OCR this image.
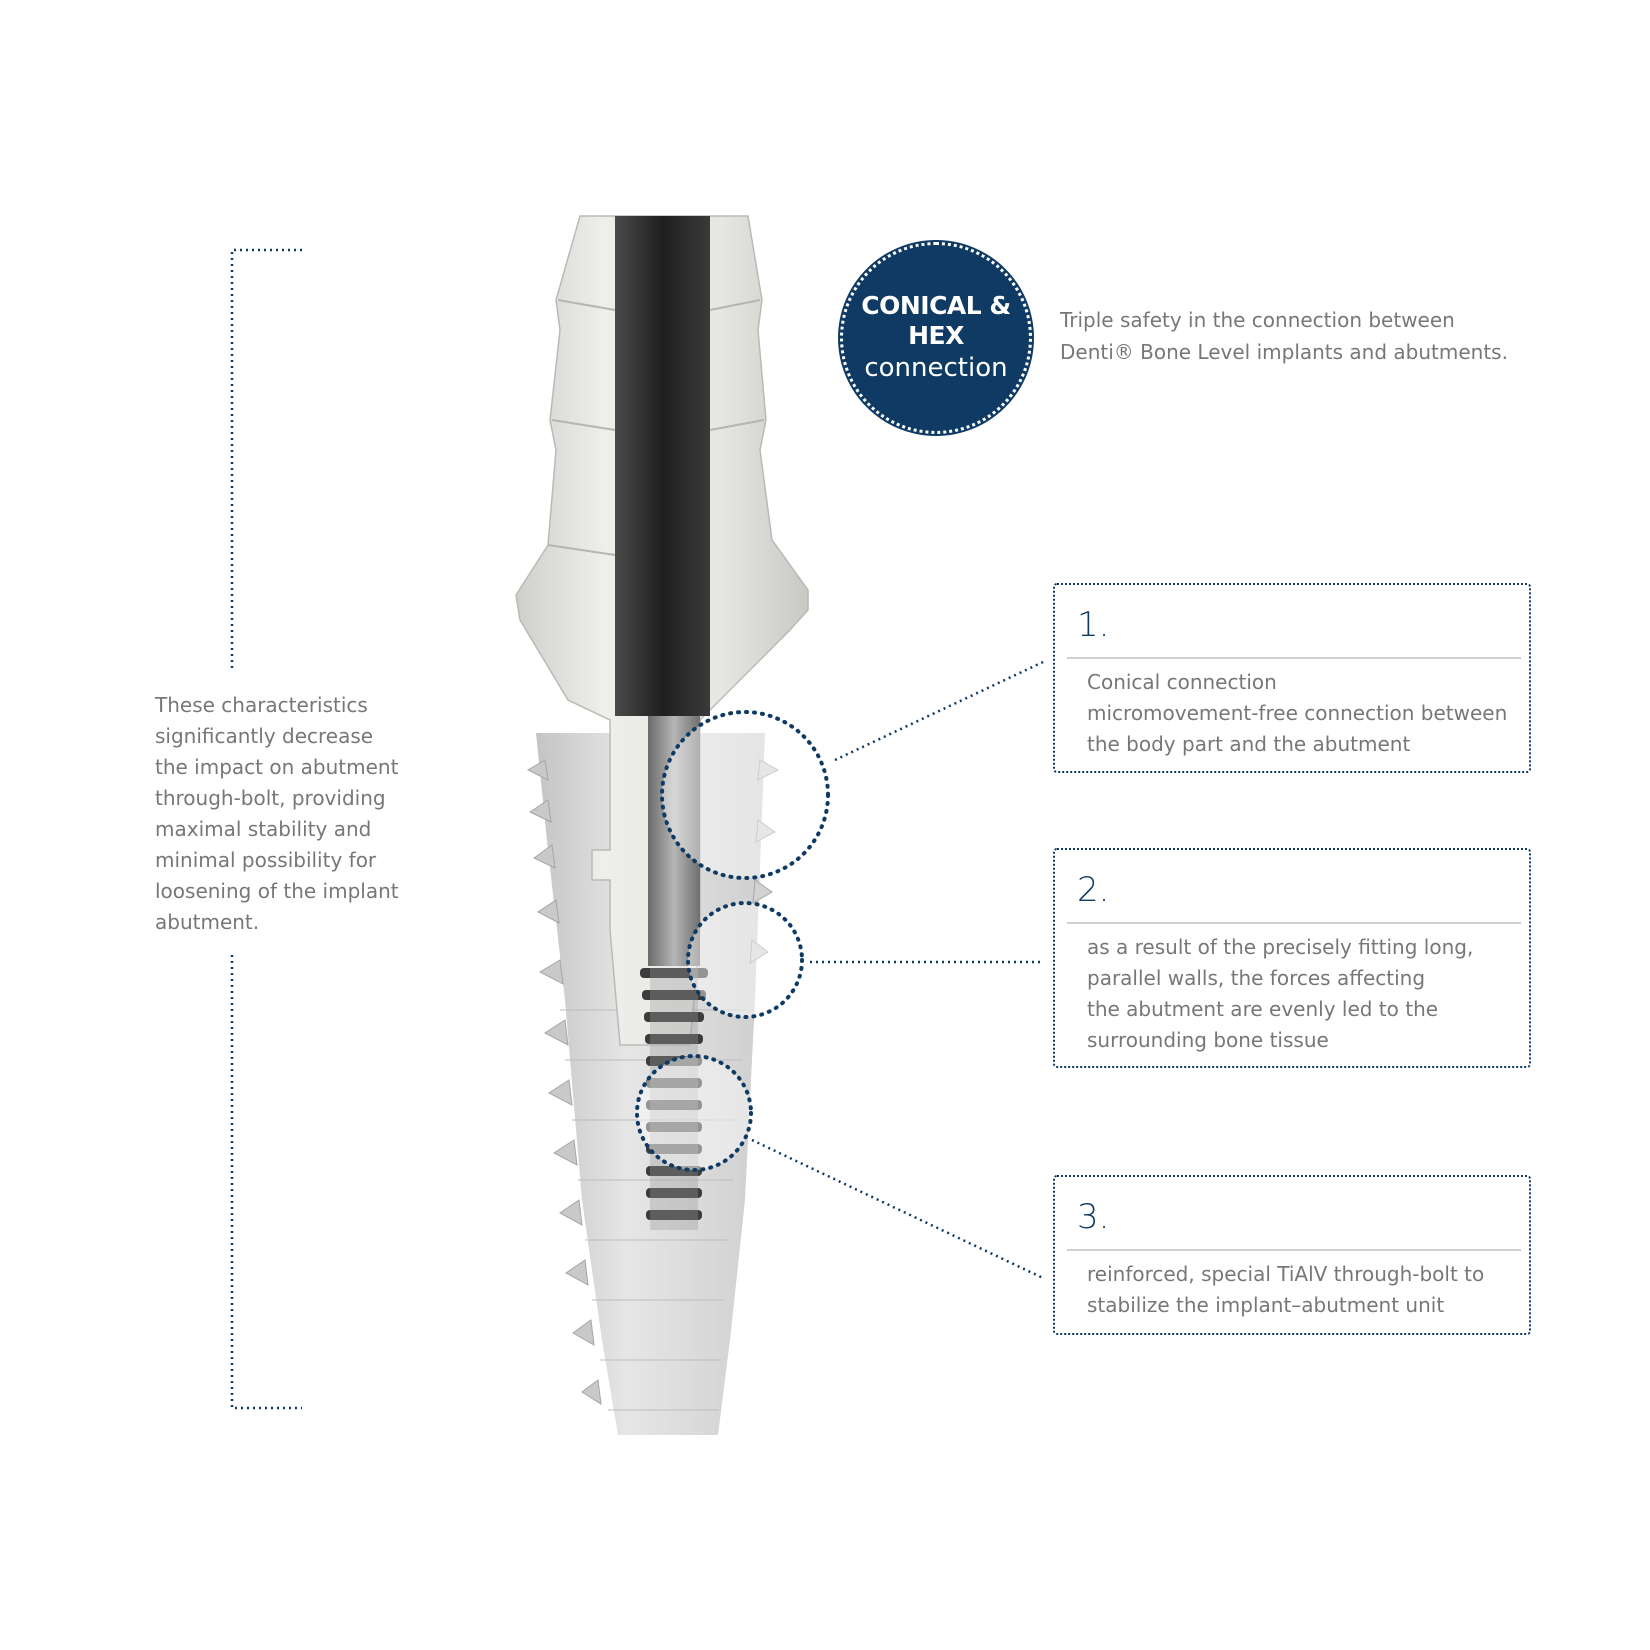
CONICAL & HEX
connection
Triple safety in the connection between
Denti® Bone Level implants and abutments.
These characteristics
significantly decrease
the impact on abutment
through-bolt, providing
maximal stability and
minimal possibility for
loosening of the implant
abutment.
1.
Conical connection
micromovement-free connection between
the body part and the abutment
2.
as a result of the precisely fitting long,
parallel walls, the forces affecting
the abutment are evenly led to the
surrounding bone tissue
3.
reinforced, special TiAlV through-bolt to
stabilize the implant–abutment unit
